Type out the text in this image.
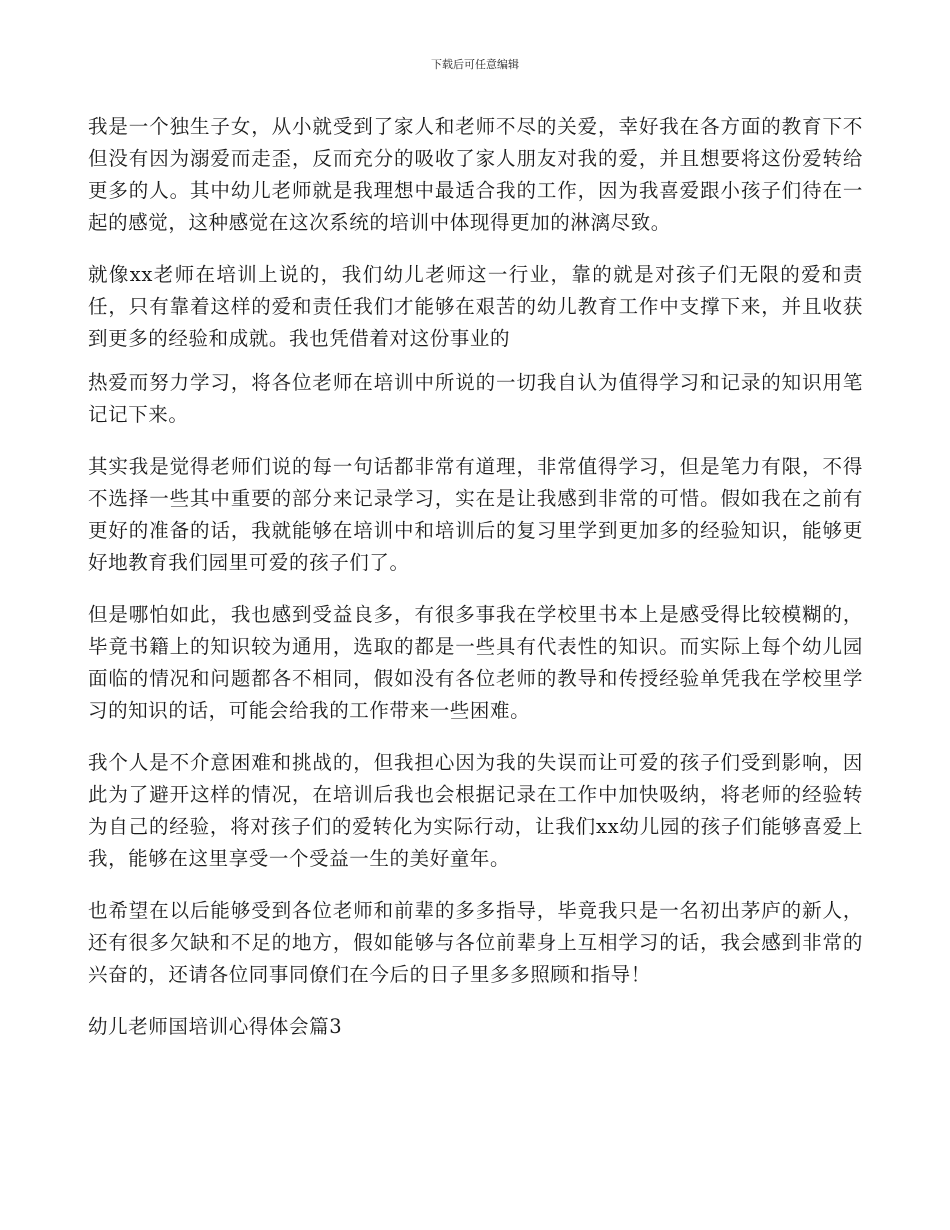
下载后可任意编辑

我是一个独生子女，从小就受到了家人和老师不尽的关爱，幸好我在各方面的教育下不但没有因为溺爱而走歪，反而充分的吸收了家人朋友对我的爱，并且想要将这份爱转给更多的人。其中幼儿老师就是我理想中最适合我的工作，因为我喜爱跟小孩子们待在一起的感觉，这种感觉在这次系统的培训中体现得更加的淋漓尽致。

就像xx老师在培训上说的，我们幼儿老师这一行业，靠的就是对孩子们无限的爱和责任，只有靠着这样的爱和责任我们才能够在艰苦的幼儿教育工作中支撑下来，并且收获到更多的经验和成就。我也凭借着对这份事业的

热爱而努力学习，将各位老师在培训中所说的一切我自认为值得学习和记录的知识用笔记记下来。

其实我是觉得老师们说的每一句话都非常有道理，非常值得学习，但是笔力有限，不得不选择一些其中重要的部分来记录学习，实在是让我感到非常的可惜。假如我在之前有更好的准备的话，我就能够在培训中和培训后的复习里学到更加多的经验知识，能够更好地教育我们园里可爱的孩子们了。

但是哪怕如此，我也感到受益良多，有很多事我在学校里书本上是感受得比较模糊的，毕竟书籍上的知识较为通用，选取的都是一些具有代表性的知识。而实际上每个幼儿园面临的情况和问题都各不相同，假如没有各位老师的教导和传授经验单凭我在学校里学习的知识的话，可能会给我的工作带来一些困难。

我个人是不介意困难和挑战的，但我担心因为我的失误而让可爱的孩子们受到影响，因此为了避开这样的情况，在培训后我也会根据记录在工作中加快吸纳，将老师的经验转为自己的经验，将对孩子们的爱转化为实际行动，让我们xx幼儿园的孩子们能够喜爱上我，能够在这里享受一个受益一生的美好童年。

也希望在以后能够受到各位老师和前辈的多多指导，毕竟我只是一名初出茅庐的新人，还有很多欠缺和不足的地方，假如能够与各位前辈身上互相学习的话，我会感到非常的兴奋的，还请各位同事同僚们在今后的日子里多多照顾和指导！

幼儿老师国培训心得体会篇3
